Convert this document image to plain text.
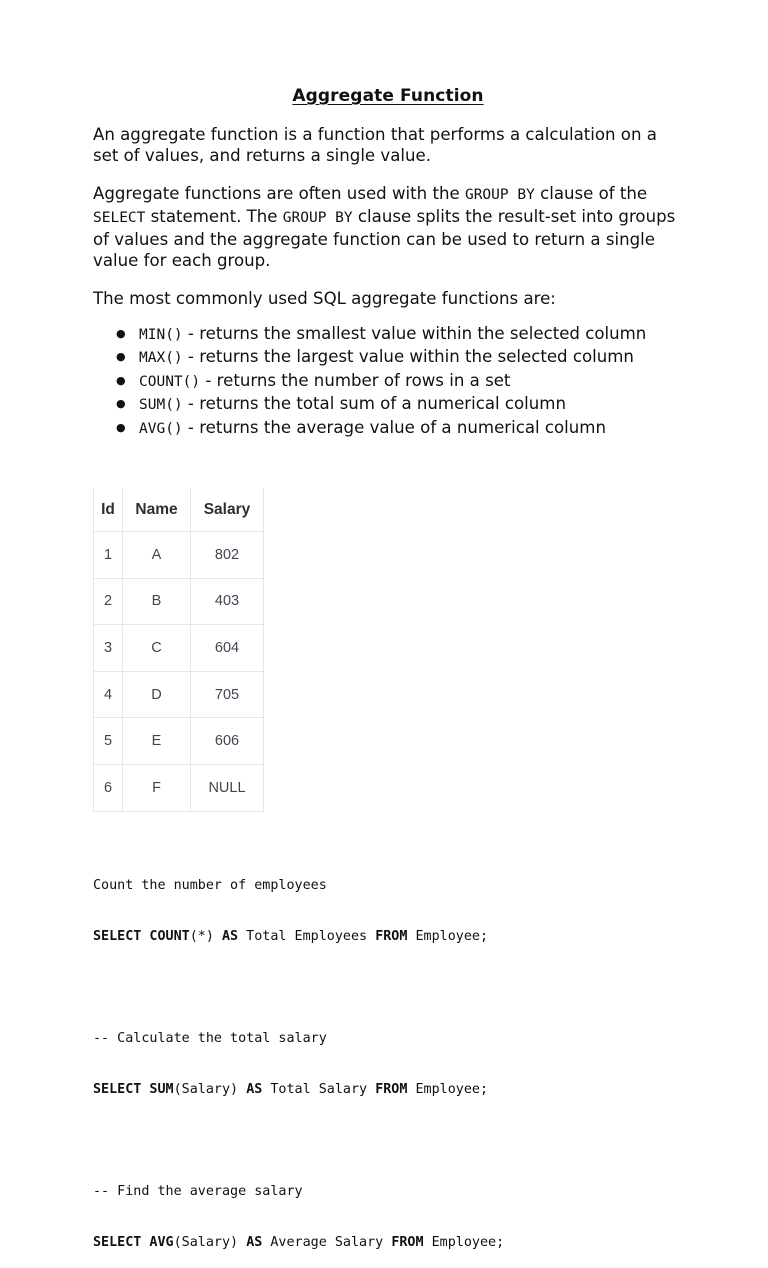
Aggregate Function

An aggregate function is a function that performs a calculation on a set of values, and returns a single value.

Aggregate functions are often used with the GROUP BY clause of the SELECT statement. The GROUP BY clause splits the result-set into groups of values and the aggregate function can be used to return a single value for each group.

The most commonly used SQL aggregate functions are:

● MIN() - returns the smallest value within the selected column
● MAX() - returns the largest value within the selected column
● COUNT() - returns the number of rows in a set
● SUM() - returns the total sum of a numerical column
● AVG() - returns the average value of a numerical column
Id	Name	Salary
1	A	802
2	B	403
3	C	604
4	D	705
5	E	606
6	F	NULL

Count the number of employees

SELECT COUNT(*) AS Total Employees FROM Employee;

-- Calculate the total salary

SELECT SUM(Salary) AS Total Salary FROM Employee;

-- Find the average salary

SELECT AVG(Salary) AS Average Salary FROM Employee;
